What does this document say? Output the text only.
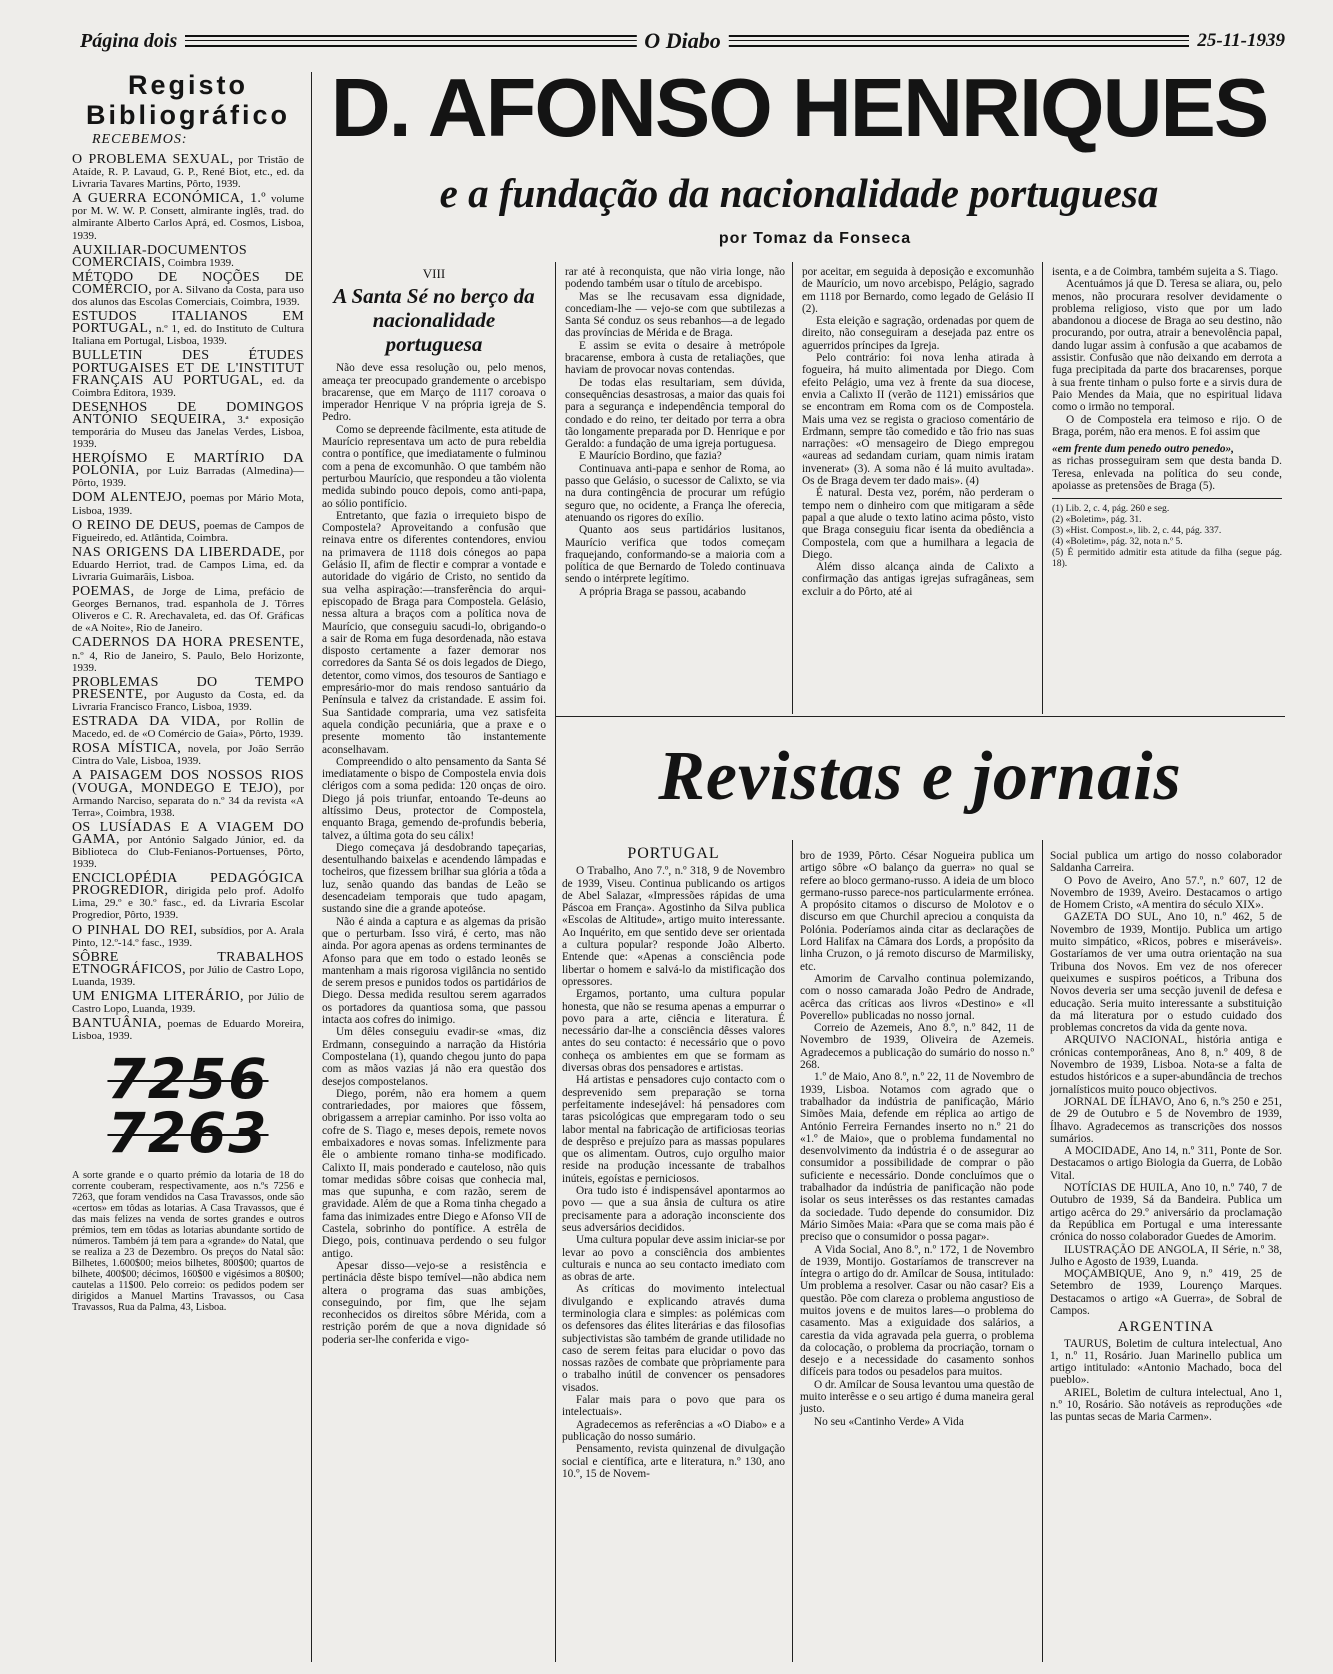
Página dois	O Diabo	25-11-1939
Registo
Bibliográfico
RECEBEMOS:
O PROBLEMA SEXUAL, por Tristão de Ataíde, R. P. Lavaud, G. P., René Biot, etc., ed. da Livraria Tavares Martins, Pôrto, 1939.
A GUERRA ECONÓMICA, 1.º volume por M. W. W. P. Consett, almirante inglês, trad. do almirante Alberto Carlos Aprá, ed. Cosmos, Lisboa, 1939.
AUXILIAR-DOCUMENTOS COMERCIAIS, Coimbra 1939.
MÉTODO DE NOÇÕES DE COMÉRCIO, por A. Silvano da Costa, para uso dos alunos das Escolas Comerciais, Coimbra, 1939.
ESTUDOS ITALIANOS EM PORTUGAL, n.º 1, ed. do Instituto de Cultura Italiana em Portugal, Lisboa, 1939.
BULLETIN DES ÉTUDES PORTUGAISES ET DE L'INSTITUT FRANÇAIS AU PORTUGAL, ed. da Coimbra Editora, 1939.
DESENHOS DE DOMINGOS ANTÓNIO SEQUEIRA, 3.ª exposição temporária do Museu das Janelas Verdes, Lisboa, 1939.
HEROÍSMO E MARTÍRIO DA POLÓNIA, por Luiz Barradas (Almedina)—Pôrto, 1939.
DOM ALENTEJO, poemas por Mário Mota, Lisboa, 1939.
O REINO DE DEUS, poemas de Campos de Figueiredo, ed. Atlântida, Coimbra.
NAS ORIGENS DA LIBERDADE, por Eduardo Herriot, trad. de Campos Lima, ed. da Livraria Guimarãis, Lisboa.
POEMAS, de Jorge de Lima, prefácio de Georges Bernanos, trad. espanhola de J. Tôrres Oliveros e C. R. Arechavaleta, ed. das Of. Gráficas de «A Noite», Rio de Janeiro.
CADERNOS DA HORA PRESENTE, n.º 4, Rio de Janeiro, S. Paulo, Belo Horizonte, 1939.
PROBLEMAS DO TEMPO PRESENTE, por Augusto da Costa, ed. da Livraria Francisco Franco, Lisboa, 1939.
ESTRADA DA VIDA, por Rollin de Macedo, ed. de «O Comércio de Gaia», Pôrto, 1939.
ROSA MÍSTICA, novela, por João Serrão Cintra do Vale, Lisboa, 1939.
A PAISAGEM DOS NOSSOS RIOS (VOUGA, MONDEGO E TEJO), por Armando Narciso, separata do n.º 34 da revista «A Terra», Coimbra, 1938.
OS LUSÍADAS E A VIAGEM DO GAMA, por António Salgado Júnior, ed. da Biblioteca do Club-Fenianos-Portuenses, Pôrto, 1939.
ENCICLOPÉDIA PEDAGÓGICA PROGREDIOR, dirigida pelo prof. Adolfo Lima, 29.º e 30.º fasc., ed. da Livraria Escolar Progredior, Pôrto, 1939.
O PINHAL DO REI, subsídios, por A. Arala Pinto, 12.º-14.º fasc., 1939.
SÔBRE TRABALHOS ETNOGRÁFICOS, por Júlio de Castro Lopo, Luanda, 1939.
UM ENIGMA LITERÁRIO, por Júlio de Castro Lopo, Luanda, 1939.
BANTUÂNIA, poemas de Eduardo Moreira, Lisboa, 1939.
7256
7263
A sorte grande e o quarto prémio da lotaria de 18 do corrente couberam, respectivamente, aos n.ºs 7256 e 7263, que foram vendidos na Casa Travassos, onde são «certos» em tôdas as lotarias. A Casa Travassos, que é das mais felizes na venda de sortes grandes e outros prémios, tem em tôdas as lotarias abundante sortido de números. Também já tem para a «grande» do Natal, que se realiza a 23 de Dezembro. Os preços do Natal são: Bilhetes, 1.600$00; meios bilhetes, 800$00; quartos de bilhete, 400$00; décimos, 160$00 e vigésimos a 80$00; cautelas a 11$00. Pelo correio: os pedidos podem ser dirigidos a Manuel Martins Travassos, ou Casa Travassos, Rua da Palma, 43, Lisboa.
D. AFONSO HENRIQUES
e a fundação da nacionalidade portuguesa
por Tomaz da Fonseca
VIII
A Santa Sé no berço da nacionalidade portuguesa

Não deve essa resolução ou, pelo menos, ameaça ter preocupado grandemente o arcebispo bracarense, que em Março de 1117 coroava o imperador Henrique V na própria igreja de S. Pedro.

Como se depreende fàcilmente, esta atitude de Maurício representava um acto de pura rebeldia contra o pontífice, que imediatamente o fulminou com a pena de excomunhão. O que também não perturbou Maurício, que respondeu a tão violenta medida subindo pouco depois, como anti-papa, ao sólio pontifício.

Entretanto, que fazia o irrequieto bispo de Compostela? Aproveitando a confusão que reinava entre os diferentes contendores, enviou na primavera de 1118 dois cónegos ao papa Gelásio II, afim de flectir e comprar a vontade e autoridade do vigário de Cristo, no sentido da sua velha aspiração:—transferência do arqui-episcopado de Braga para Compostela. Gelásio, nessa altura a braços com a política nova de Maurício, que conseguiu sacudi-lo, obrigando-o a sair de Roma em fuga desordenada, não estava disposto certamente a fazer demorar nos corredores da Santa Sé os dois legados de Diego, detentor, como vimos, dos tesouros de Santiago e empresário-mor do mais rendoso santuário da Península e talvez da cristandade. E assim foi. Sua Santidade compraria, uma vez satisfeita aquela condição pecuniária, que a praxe e o presente momento tão instantemente aconselhavam.

Compreendido o alto pensamento da Santa Sé imediatamente o bispo de Compostela envia dois clérigos com a soma pedida: 120 onças de oiro. Diego já pois triunfar, entoando Te-deuns ao altíssimo Deus, protector de Compostela, enquanto Braga, gemendo de-profundis beberia, talvez, a última gota do seu cálix!

Diego começava já desdobrando tapeçarias, desentulhando baixelas e acendendo lâmpadas e tocheiros, que fizessem brilhar sua glória a tôda a luz, senão quando das bandas de Leão se desencadeiam temporais que tudo apagam, sustando sine die a grande apoteóse.

Não é ainda a captura e as algemas da prisão que o perturbam. Isso virá, é certo, mas não ainda. Por agora apenas as ordens terminantes de Afonso para que em todo o estado leonês se mantenham a mais rigorosa vigilância no sentido de serem presos e punidos todos os partidários de Diego. Dessa medida resultou serem agarrados os portadores da quantiosa soma, que passou intacta aos cofres do inimigo.

Um dêles conseguiu evadir-se «mas, diz Erdmann, conseguindo a narração da História Compostelana (1), quando chegou junto do papa com as mãos vazias já não era questão dos desejos compostelanos.

Diego, porém, não era homem a quem contrariedades, por maiores que fôssem, obrigassem a arrepiar caminho. Por isso volta ao cofre de S. Tiago e, meses depois, remete novos embaixadores e novas somas. Infelizmente para êle o ambiente romano tinha-se modificado. Calixto II, mais ponderado e cauteloso, não quis tomar medidas sôbre coisas que conhecia mal, mas que supunha, e com razão, serem de gravidade. Além de que a Roma tinha chegado a fama das inimizades entre Diego e Afonso VII de Castela, sobrinho do pontífice. A estrêla de Diego, pois, continuava perdendo o seu fulgor antigo.

Apesar disso—vejo-se a resistência e pertinácia dêste bispo temível—não abdica nem altera o programa das suas ambições, conseguindo, por fim, que lhe sejam reconhecidos os direitos sôbre Mérida, com a restrição porém de que a nova dignidade só poderia ser-lhe conferida e vigo-

rar até à reconquista, que não viria longe, não podendo também usar o título de arcebispo.

Mas se lhe recusavam essa dignidade, concediam-lhe — vejo-se com que subtilezas a Santa Sé conduz os seus rebanhos—a de legado das províncias de Mérida e de Braga.

E assim se evita o desaire à metrópole bracarense, embora à custa de retaliações, que haviam de provocar novas contendas.

De todas elas resultariam, sem dúvida, consequências desastrosas, a maior das quais foi para a segurança e independência temporal do condado e do reino, ter deitado por terra a obra tão longamente preparada por D. Henrique e por Geraldo: a fundação de uma igreja portuguesa.

E Maurício Bordino, que fazia?

Continuava anti-papa e senhor de Roma, ao passo que Gelásio, o sucessor de Calixto, se via na dura contingência de procurar um refúgio seguro que, no ocidente, a França lhe oferecia, atenuando os rigores do exílio.

Quanto aos seus partidários lusitanos, Maurício verifica que todos começam fraquejando, conformando-se a maioria com a política de que Bernardo de Toledo continuava sendo o intérprete legítimo.

A própria Braga se passou, acabando

por aceitar, em seguida à deposição e excomunhão de Maurício, um novo arcebispo, Pelágio, sagrado em 1118 por Bernardo, como legado de Gelásio II (2).

Esta eleição e sagração, ordenadas por quem de direito, não conseguiram a desejada paz entre os aguerridos príncipes da Igreja.

Pelo contrário: foi nova lenha atirada à fogueira, há muito alimentada por Diego. Com efeito Pelágio, uma vez à frente da sua diocese, envia a Calixto II (verão de 1121) emissários que se encontram em Roma com os de Compostela. Mais uma vez se regista o gracioso comentário de Erdmann, sempre tão comedido e tão frio nas suas narrações: «O mensageiro de Diego empregou «aureas ad sedandam curiam, quam nimis iratam invenerat» (3). A soma não é lá muito avultada». Os de Braga devem ter dado mais». (4)

É natural. Desta vez, porém, não perderam o tempo nem o dinheiro com que mitigaram a sêde papal a que alude o texto latino acima pôsto, visto que Braga conseguiu ficar isenta da obediência a Compostela, com que a humilhara a legacia de Diego.

Além disso alcança ainda de Calixto a confirmação das antigas igrejas sufragâneas, sem excluir a do Pôrto, até ai

isenta, e a de Coimbra, também sujeita a S. Tiago.

Acentuámos já que D. Teresa se aliara, ou, pelo menos, não procurara resolver devidamente o problema religioso, visto que por um lado abandonou a diocese de Braga ao seu destino, não procurando, por outra, atrair a benevolência papal, dando lugar assim à confusão a que acabamos de assistir. Confusão que não deixando em derrota a fuga precipitada da parte dos bracarenses, porque à sua frente tinham o pulso forte e a sirvis dura de Paio Mendes da Maia, que no espiritual lidava como o irmão no temporal.

O de Compostela era teimoso e rijo. O de Braga, porém, não era menos. E foi assim que

«em frente dum penedo outro penedo»,

as richas prosseguiram sem que desta banda D. Teresa, enlevada na política do seu conde, apoiasse as pretensões de Braga (5).

(1) Lib. 2, c. 4, pág. 260 e seg.

(2) «Boletim», pág. 31.

(3) «Hist. Compost.», lib. 2, c. 44, pág. 337.

(4) «Boletim», pág. 32, nota n.º 5.

(5) É permitido admitir esta atitude da filha (segue pág. 18).

Revistas e jornais
PORTUGAL

O Trabalho, Ano 7.º, n.º 318, 9 de Novembro de 1939, Viseu. Continua publicando os artigos de Abel Salazar, «Impressões rápidas de uma Páscoa em França». Agostinho da Silva publica «Escolas de Altitude», artigo muito interessante. Ao Inquérito, em que sentido deve ser orientada a cultura popular? responde João Alberto. Entende que: «Apenas a consciência pode libertar o homem e salvá-lo da mistificação dos opressores.

Ergamos, portanto, uma cultura popular honesta, que não se resuma apenas a empurrar o povo para a arte, ciência e literatura. É necessário dar-lhe a consciência dêsses valores antes do seu contacto: é necessário que o povo conheça os ambientes em que se formam as diversas obras dos pensadores e artistas.

Há artistas e pensadores cujo contacto com o desprevenido sem preparação se torna perfeitamente indesejável: há pensadores com taras psicológicas que empregaram todo o seu labor mental na fabricação de artificiosas teorias de desprêso e prejuízo para as massas populares que os alimentam. Outros, cujo orgulho maior reside na produção incessante de trabalhos inúteis, egoístas e perniciosos.

Ora tudo isto é indispensável apontarmos ao povo — que a sua ânsia de cultura os atire precisamente para a adoração inconsciente dos seus adversários decididos.

Uma cultura popular deve assim iniciar-se por levar ao povo a consciência dos ambientes culturais e nunca ao seu contacto imediato com as obras de arte.

As críticas do movimento intelectual divulgando e explicando através duma terminologia clara e simples: as polémicas com os defensores das élites literárias e das filosofias subjectivistas são também de grande utilidade no caso de serem feitas para elucidar o povo das nossas razões de combate que pròpriamente para o trabalho inútil de convencer os pensadores visados.

Falar mais para o povo que para os intelectuais».

Agradecemos as referências a «O Diabo» e a publicação do nosso sumário.

Pensamento, revista quinzenal de divulgação social e científica, arte e literatura, n.º 130, ano 10.º, 15 de Novem-

bro de 1939, Pôrto. César Nogueira publica um artigo sôbre «O balanço da guerra» no qual se refere ao bloco germano-russo. A ideia de um bloco germano-russo parece-nos particularmente errónea. A propósito citamos o discurso de Molotov e o discurso em que Churchil apreciou a conquista da Polónia. Poderíamos ainda citar as declarações de Lord Halifax na Câmara dos Lords, a propósito da linha Cruzon, o já remoto discurso de Marmilisky, etc.

Amorim de Carvalho continua polemizando, com o nosso camarada João Pedro de Andrade, acêrca das críticas aos livros «Destino» e «Il Poverello» publicadas no nosso jornal.

Correio de Azemeis, Ano 8.º, n.º 842, 11 de Novembro de 1939, Oliveira de Azemeis. Agradecemos a publicação do sumário do nosso n.º 268.

1.º de Maio, Ano 8.º, n.º 22, 11 de Novembro de 1939, Lisboa. Notamos com agrado que o trabalhador da indústria de panificação, Mário Simões Maia, defende em réplica ao artigo de António Ferreira Fernandes inserto no n.º 21 do «1.º de Maio», que o problema fundamental no desenvolvimento da indústria é o de assegurar ao consumidor a possibilidade de comprar o pão suficiente e necessário. Donde concluímos que o trabalhador da indústria de panificação não pode isolar os seus interêsses os das restantes camadas da sociedade. Tudo depende do consumidor. Diz Mário Simões Maia: «Para que se coma mais pão é preciso que o consumidor o possa pagar».

A Vida Social, Ano 8.º, n.º 172, 1 de Novembro de 1939, Montijo. Gostaríamos de transcrever na íntegra o artigo do dr. Amílcar de Sousa, intitulado: Um problema a resolver. Casar ou não casar? Eis a questão. Põe com clareza o problema angustioso de muitos jovens e de muitos lares—o problema do casamento. Mas a exiguidade dos salários, a carestia da vida agravada pela guerra, o problema da colocação, o problema da procriação, tornam o desejo e a necessidade do casamento sonhos difíceis para todos ou pesadelos para muitos.

O dr. Amílcar de Sousa levantou uma questão de muito interêsse e o seu artigo é duma maneira geral justo.

No seu «Cantinho Verde» A Vida

Social publica um artigo do nosso colaborador Saldanha Carreira.

O Povo de Aveiro, Ano 57.º, n.º 607, 12 de Novembro de 1939, Aveiro. Destacamos o artigo de Homem Cristo, «A mentira do século XIX».

GAZETA DO SUL, Ano 10, n.º 462, 5 de Novembro de 1939, Montijo. Publica um artigo muito simpático, «Ricos, pobres e miseráveis». Gostaríamos de ver uma outra orientação na sua Tribuna dos Novos. Em vez de nos oferecer queixumes e suspiros poéticos, a Tribuna dos Novos deveria ser uma secção juvenil de defesa e educação. Seria muito interessante a substituição da má literatura por o estudo cuidado dos problemas concretos da vida da gente nova.

ARQUIVO NACIONAL, história antiga e crónicas contemporâneas, Ano 8, n.º 409, 8 de Novembro de 1939, Lisboa. Nota-se a falta de estudos históricos e a super-abundância de trechos jornalísticos muito pouco objectivos.

JORNAL DE ÍLHAVO, Ano 6, n.ºs 250 e 251, de 29 de Outubro e 5 de Novembro de 1939, Ílhavo. Agradecemos as transcrições dos nossos sumários.

A MOCIDADE, Ano 14, n.º 311, Ponte de Sor. Destacamos o artigo Biologia da Guerra, de Lobão Vital.

NOTÍCIAS DE HUILA, Ano 10, n.º 740, 7 de Outubro de 1939, Sá da Bandeira. Publica um artigo acêrca do 29.º aniversário da proclamação da República em Portugal e uma interessante crónica do nosso colaborador Guedes de Amorim.

ILUSTRAÇÃO DE ANGOLA, II Série, n.º 38, Julho e Agosto de 1939, Luanda.

MOÇAMBIQUE, Ano 9, n.º 419, 25 de Setembro de 1939, Lourenço Marques. Destacamos o artigo «A Guerra», de Sobral de Campos.

ARGENTINA

TAURUS, Boletim de cultura intelectual, Ano 1, n.º 11, Rosário. Juan Marinello publica um artigo intitulado: «Antonio Machado, boca del pueblo».

ARIEL, Boletim de cultura intelectual, Ano 1, n.º 10, Rosário. São notáveis as reproduções «de las puntas secas de Maria Carmen».
